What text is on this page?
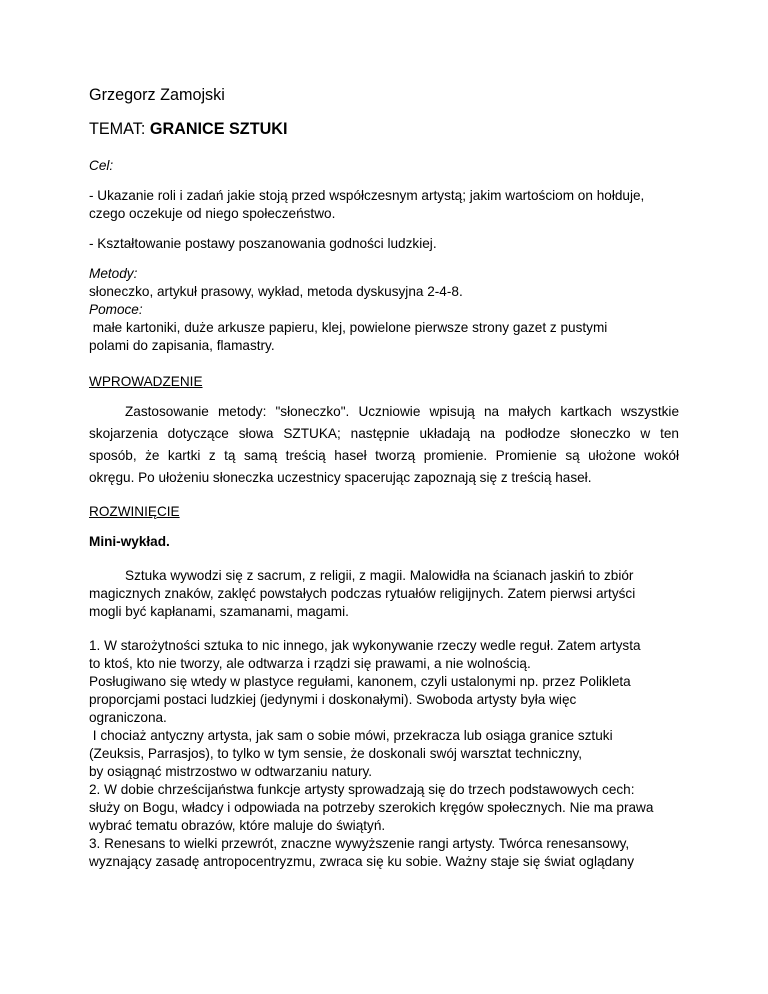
Grzegorz Zamojski
TEMAT: GRANICE SZTUKI
Cel:
- Ukazanie roli i zadań jakie stoją przed współczesnym artystą; jakim wartościom on hołduje,
czego oczekuje od niego społeczeństwo.
- Kształtowanie postawy poszanowania godności ludzkiej.
Metody:
słoneczko, artykuł prasowy, wykład, metoda dyskusyjna 2-4-8.
Pomoce:
małe kartoniki, duże arkusze papieru, klej, powielone pierwsze strony gazet z pustymi
polami do zapisania, flamastry.
WPROWADZENIE
Zastosowanie metody: "słoneczko". Uczniowie wpisują na małych kartkach wszystkie
skojarzenia dotyczące słowa SZTUKA; następnie układają na podłodze słoneczko w ten
sposób, że kartki z tą samą treścią haseł tworzą promienie. Promienie są ułożone wokół
okręgu. Po ułożeniu słoneczka uczestnicy spacerując zapoznają się z treścią haseł.
ROZWINIĘCIE
Mini-wykład.
Sztuka wywodzi się z sacrum, z religii, z magii. Malowidła na ścianach jaskiń to zbiór
magicznych znaków, zaklęć powstałych podczas rytuałów religijnych. Zatem pierwsi artyści
mogli być kapłanami, szamanami, magami.
1. W starożytności sztuka to nic innego, jak wykonywanie rzeczy wedle reguł. Zatem artysta
to ktoś, kto nie tworzy, ale odtwarza i rządzi się prawami, a nie wolnością.
Posługiwano się wtedy w plastyce regułami, kanonem, czyli ustalonymi np. przez Polikleta
proporcjami postaci ludzkiej (jedynymi i doskonałymi). Swoboda artysty była więc
ograniczona.
I chociaż antyczny artysta, jak sam o sobie mówi, przekracza lub osiąga granice sztuki
(Zeuksis, Parrasjos), to tylko w tym sensie, że doskonali swój warsztat techniczny,
by osiągnąć mistrzostwo w odtwarzaniu natury.
2. W dobie chrześcijaństwa funkcje artysty sprowadzają się do trzech podstawowych cech:
służy on Bogu, władcy i odpowiada na potrzeby szerokich kręgów społecznych. Nie ma prawa
wybrać tematu obrazów, które maluje do świątyń.
3. Renesans to wielki przewrót, znaczne wywyższenie rangi artysty. Twórca renesansowy,
wyznający zasadę antropocentryzmu, zwraca się ku sobie. Ważny staje się świat oglądany
